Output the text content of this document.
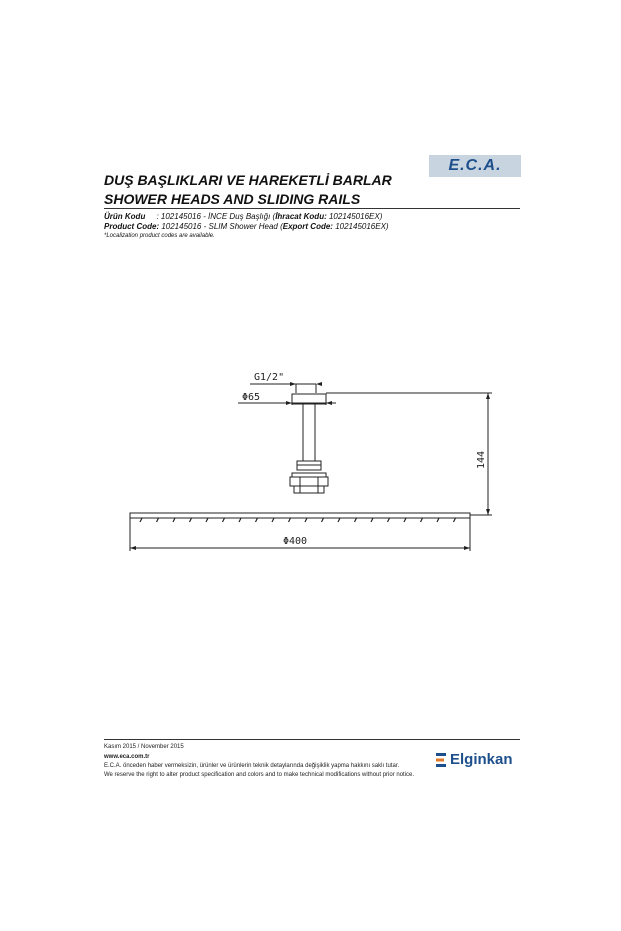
E.C.A.
DUŞ BAŞLIKLARI VE HAREKETLİ BARLAR
SHOWER HEADS AND SLIDING RAILS
Ürün Kodu : 102145016 - İNCE Duş Başlığı (İhracat Kodu: 102145016EX)
Product Code: 102145016 - SLIM Shower Head (Export Code: 102145016EX)
*Localization product codes are available.
G1/2"
Φ65
144
Φ400
Kasım 2015 / November 2015
www.eca.com.tr
E.C.A. önceden haber vermeksizin, ürünler ve ürünlerin teknik detaylarında değişiklik yapma hakkını saklı tutar.
We reserve the right to alter product specification and colors and to make technical modifications without prior notice.
Elginkan
